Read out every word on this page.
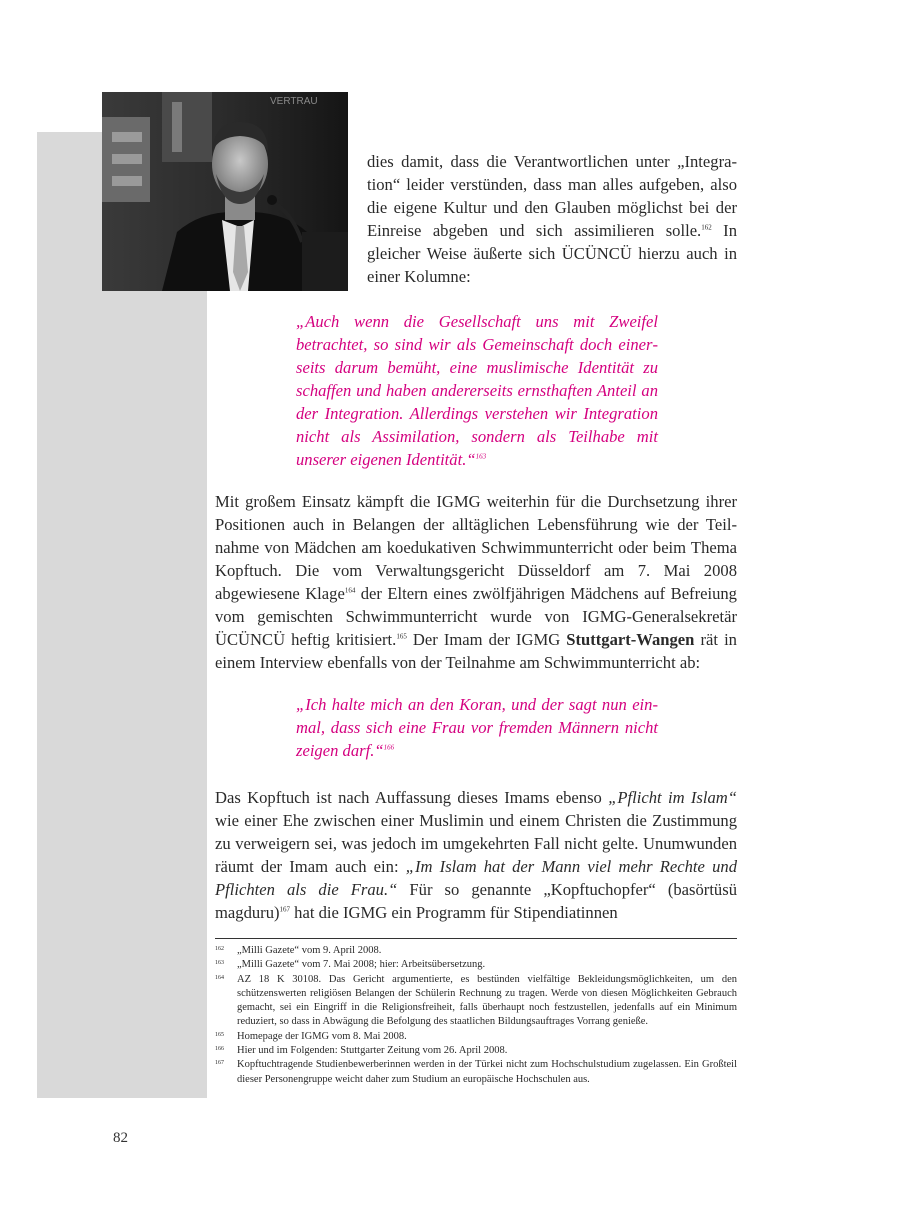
VERTRAU

dies damit, dass die Verantwortlichen unter „Integration“ leider verstünden, dass man alles aufgeben, also die eigene Kultur und den Glauben möglichst bei der Einreise abgeben und sich assimilieren solle.$^{162}$ In gleicher Weise äußerte sich ÜCÜNCÜ hierzu auch in einer Kolumne:

„Auch wenn die Gesellschaft uns mit Zweifel betrachtet, so sind wir als Gemeinschaft doch einerseits darum bemüht, eine muslimische Identität zu schaffen und haben andererseits ernsthaften Anteil an der Integration. Allerdings verstehen wir Integration nicht als Assimilation, sondern als Teilhabe mit unserer eigenen Identität.“$^{163}$

Mit großem Einsatz kämpft die IGMG weiterhin für die Durchsetzung ihrer Positionen auch in Belangen der alltäglichen Lebensführung wie der Teilnahme von Mädchen am koedukativen Schwimmunterricht oder beim Thema Kopftuch. Die vom Verwaltungsgericht Düsseldorf am 7. Mai 2008 abgewiesene Klage$^{164}$ der Eltern eines zwölfjährigen Mädchens auf Befreiung vom gemischten Schwimmunterricht wurde von IGMG-Generalsekretär ÜCÜNCÜ heftig kritisiert.$^{165}$ Der Imam der IGMG Stuttgart-Wangen rät in einem Interview ebenfalls von der Teilnahme am Schwimmunterricht ab:

„Ich halte mich an den Koran, und der sagt nun einmal, dass sich eine Frau vor fremden Männern nicht zeigen darf.“$^{166}$

Das Kopftuch ist nach Auffassung dieses Imams ebenso „Pflicht im Islam“ wie einer Ehe zwischen einer Muslimin und einem Christen die Zustimmung zu verweigern sei, was jedoch im umgekehrten Fall nicht gelte. Unumwunden räumt der Imam auch ein: „Im Islam hat der Mann viel mehr Rechte und Pflichten als die Frau.“ Für so genannte „Kopftuchopfer“ (basörtüsü magduru)$^{167}$ hat die IGMG ein Programm für Stipendiatinnen

162	„Milli Gazete“ vom 9. April 2008.
163	„Milli Gazete“ vom 7. Mai 2008; hier: Arbeitsübersetzung.
164	AZ 18 K 30108. Das Gericht argumentierte, es bestünden vielfältige Bekleidungsmöglichkeiten, um den schützenswerten religiösen Belangen der Schülerin Rechnung zu tragen. Werde von diesen Möglichkeiten Gebrauch gemacht, sei ein Eingriff in die Religionsfreiheit, falls überhaupt noch festzustellen, jedenfalls auf ein Minimum reduziert, so dass in Abwägung die Befolgung des staatlichen Bildungsauftrages Vorrang genieße.
165	Homepage der IGMG vom 8. Mai 2008.
166	Hier und im Folgenden: Stuttgarter Zeitung vom 26. April 2008.
167	Kopftuchtragende Studienbewerberinnen werden in der Türkei nicht zum Hochschulstudium zugelassen. Ein Großteil dieser Personengruppe weicht daher zum Studium an europäische Hochschulen aus.
82
